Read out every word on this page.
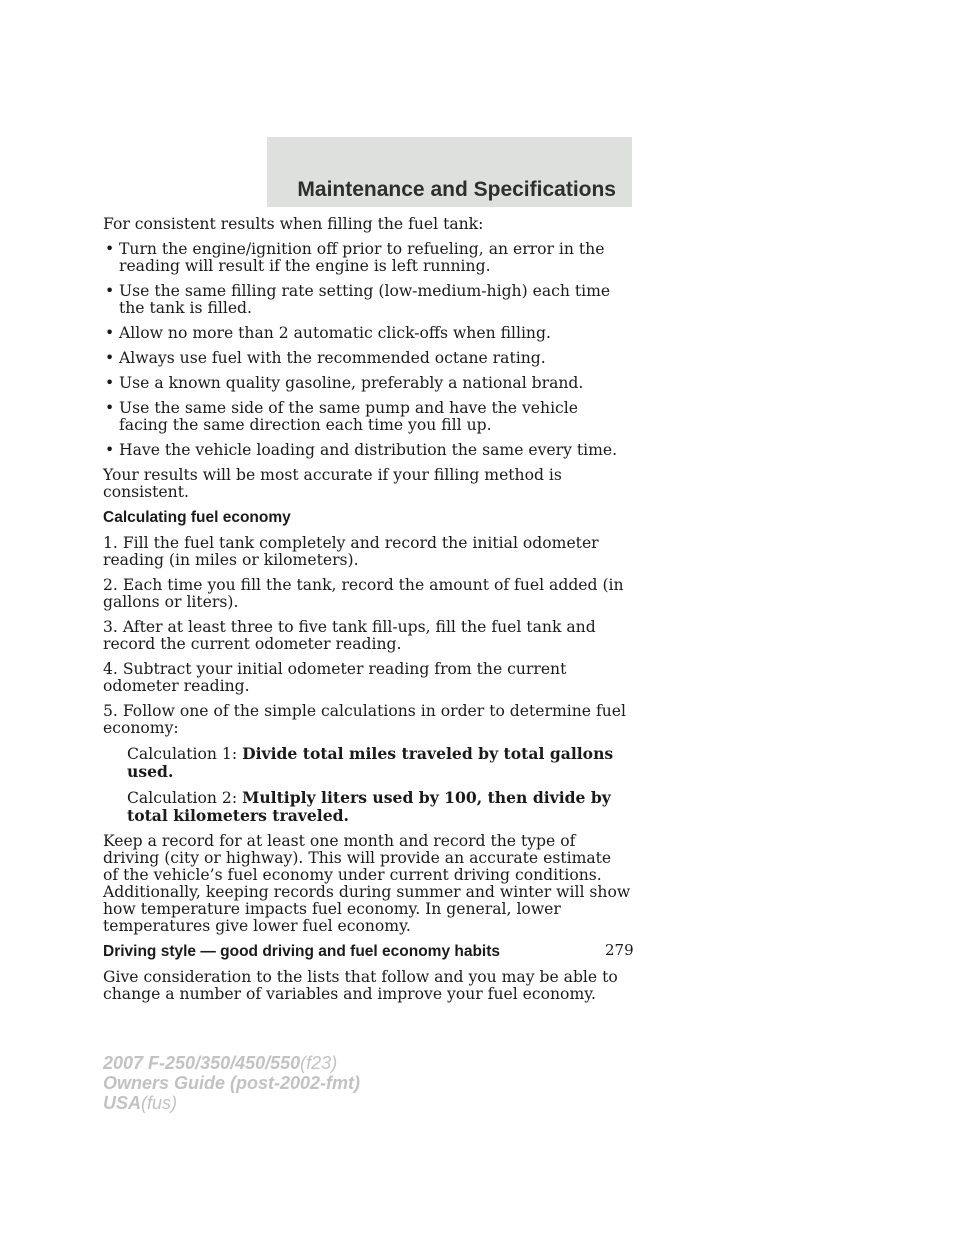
Maintenance and Specifications

For consistent results when filling the fuel tank:

• Turn the engine/ignition off prior to refueling, an error in the reading will result if the engine is left running.
• Use the same filling rate setting (low-medium-high) each time the tank is filled.
• Allow no more than 2 automatic click-offs when filling.
• Always use fuel with the recommended octane rating.
• Use a known quality gasoline, preferably a national brand.
• Use the same side of the same pump and have the vehicle facing the same direction each time you fill up.
• Have the vehicle loading and distribution the same every time.

Your results will be most accurate if your filling method is consistent.

Calculating fuel economy

1. Fill the fuel tank completely and record the initial odometer reading (in miles or kilometers).

2. Each time you fill the tank, record the amount of fuel added (in gallons or liters).

3. After at least three to five tank fill-ups, fill the fuel tank and record the current odometer reading.

4. Subtract your initial odometer reading from the current odometer reading.

5. Follow one of the simple calculations in order to determine fuel economy:

Calculation 1: Divide total miles traveled by total gallons used.

Calculation 2: Multiply liters used by 100, then divide by total kilometers traveled.

Keep a record for at least one month and record the type of driving (city or highway). This will provide an accurate estimate of the vehicle’s fuel economy under current driving conditions. Additionally, keeping records during summer and winter will show how temperature impacts fuel economy. In general, lower temperatures give lower fuel economy.

Driving style — good driving and fuel economy habits

Give consideration to the lists that follow and you may be able to change a number of variables and improve your fuel economy.

279
2007 F-250/350/450/550(f23)
Owners Guide (post-2002-fmt)
USA(fus)
